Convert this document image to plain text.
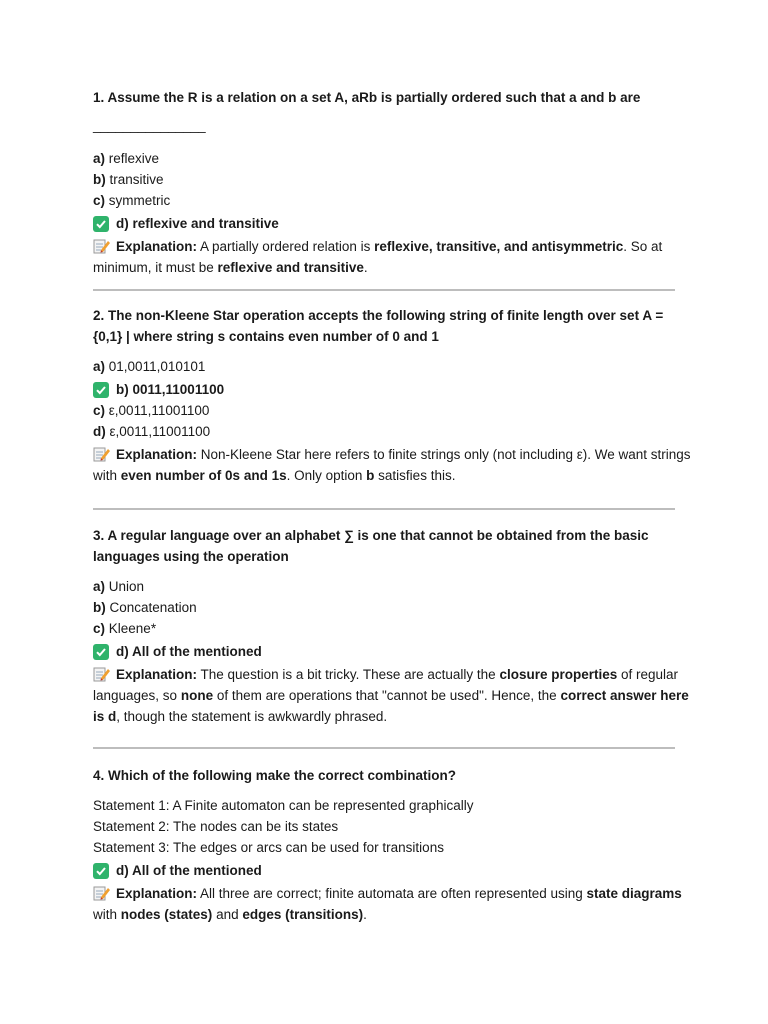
1. Assume the R is a relation on a set A, aRb is partially ordered such that a and b are

_______________

a) reflexive

b) transitive

c) symmetric

d) reflexive and transitive
Explanation: A partially ordered relation is reflexive, transitive, and antisymmetric. So at minimum, it must be reflexive and transitive.

2. The non-Kleene Star operation accepts the following string of finite length over set A = {0,1} | where string s contains even number of 0 and 1

a) 01,0011,010101

b) 0011,11001100

c) ε,0011,11001100

d) ε,0011,11001100

Explanation: Non-Kleene Star here refers to finite strings only (not including ε). We want strings with even number of 0s and 1s. Only option b satisfies this.

3. A regular language over an alphabet ∑ is one that cannot be obtained from the basic languages using the operation

a) Union

b) Concatenation

c) Kleene*

d) All of the mentioned
Explanation: The question is a bit tricky. These are actually the closure properties of regular languages, so none of them are operations that "cannot be used". Hence, the correct answer here is d, though the statement is awkwardly phrased.

4. Which of the following make the correct combination?

Statement 1: A Finite automaton can be represented graphically

Statement 2: The nodes can be its states

Statement 3: The edges or arcs can be used for transitions

d) All of the mentioned
Explanation: All three are correct; finite automata are often represented using state diagrams with nodes (states) and edges (transitions).
